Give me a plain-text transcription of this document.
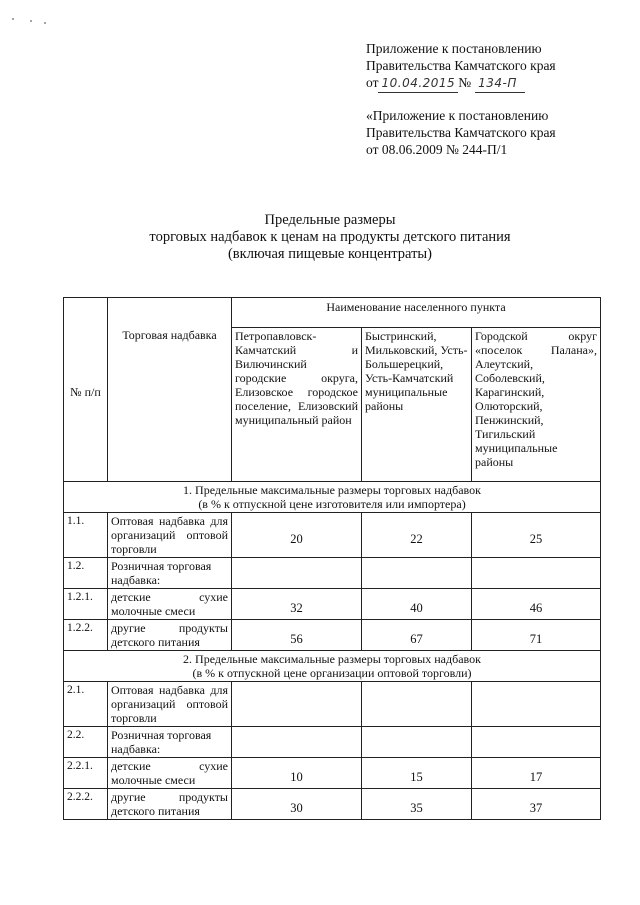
Приложение к постановлению
Правительства Камчатского края
от 10.04.2015 № 134-П
«Приложение к постановлению
Правительства Камчатского края
от 08.06.2009 № 244-П/1
Предельные размеры
торговых надбавок к ценам на продукты детского питания
(включая пищевые концентраты)
№ п/п	Торговая надбавка	Наименование населенного пункта		
		Петропавловск-Камчатский и Вилючинский городские округа, Елизовское городское поселение, Елизовский муниципальный район	Быстринский, Мильковский, Усть-Большерецкий, Усть-Камчатский муниципальные районы	Городской округ «поселок Палана», Алеутский, Соболевский, Карагинский, Олюторский, Пенжинский, Тигильский муниципальные районы

1. Предельные максимальные размеры торговых надбавок
(в % к отпускной цене изготовителя или импортера)				

1.1.	Оптовая надбавка для организаций оптовой торговли	20	22	25
1.2.	Розничная торговая надбавка:			
1.2.1.	детские сухие молочные смеси	32	40	46
1.2.2.	другие продукты детского питания	56	67	71

2. Предельные максимальные размеры торговых надбавок
(в % к отпускной цене организации оптовой торговли)				

2.1.	Оптовая надбавка для организаций оптовой торговли			
2.2.	Розничная торговая надбавка:			
2.2.1.	детские сухие молочные смеси	10	15	17
2.2.2.	другие продукты детского питания	30	35	37
